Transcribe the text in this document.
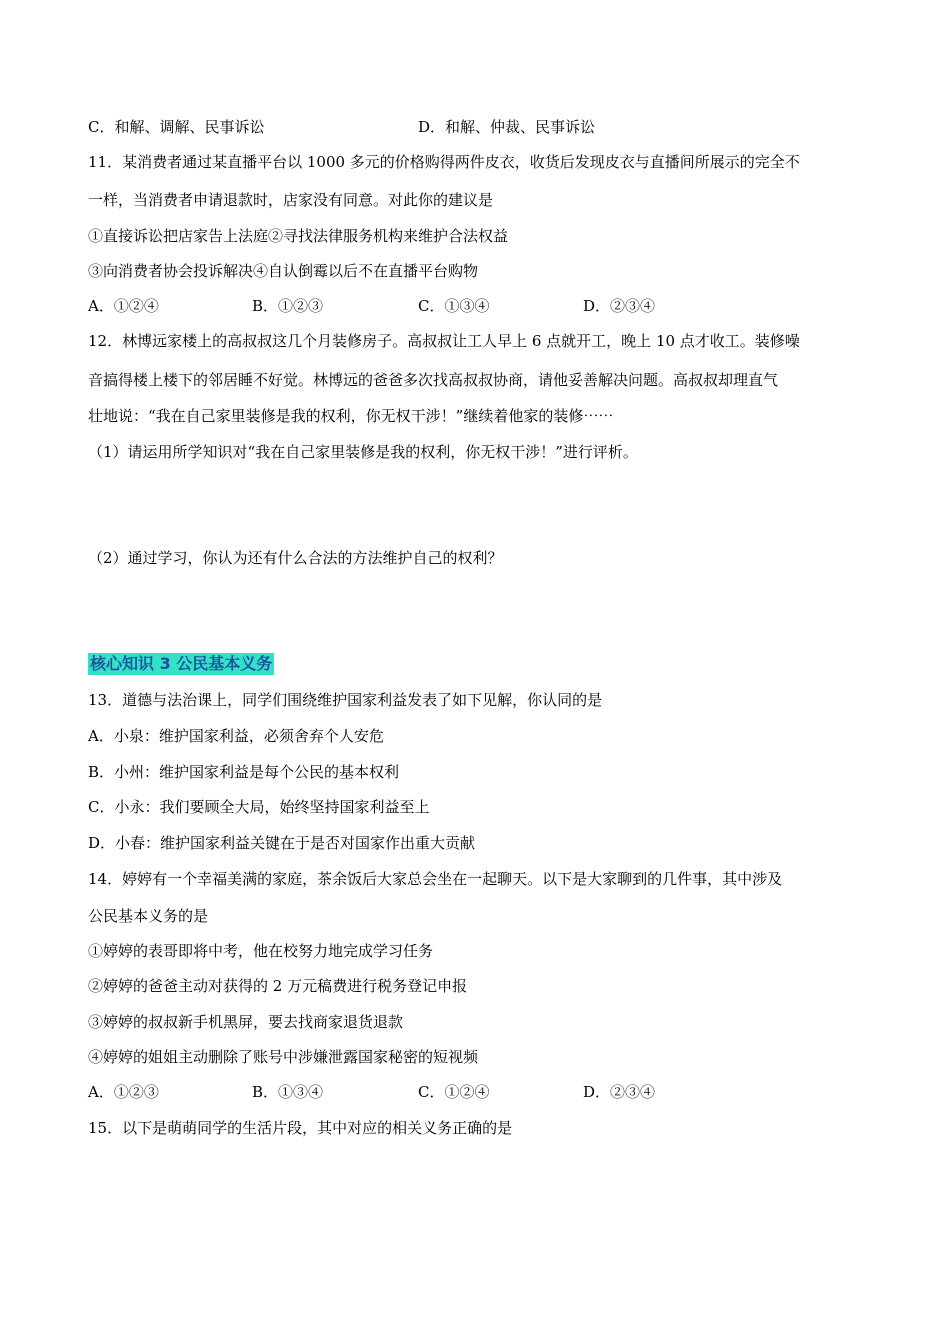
C．和解、调解、民事诉讼	D．和解、仲裁、民事诉讼
11．某消费者通过某直播平台以 1000 多元的价格购得两件皮衣，收货后发现皮衣与直播间所展示的完全不
一样，当消费者申请退款时，店家没有同意。对此你的建议是
①直接诉讼把店家告上法庭②寻找法律服务机构来维护合法权益
③向消费者协会投诉解决④自认倒霉以后不在直播平台购物
A．①②④	B．①②③	C．①③④	D．②③④
12．林博远家楼上的高叔叔这几个月装修房子。高叔叔让工人早上 6 点就开工，晚上 10 点才收工。装修噪
音搞得楼上楼下的邻居睡不好觉。林博远的爸爸多次找高叔叔协商，请他妥善解决问题。高叔叔却理直气
壮地说：“我在自己家里装修是我的权利，你无权干涉！”继续着他家的装修⋯⋯
（1）请运用所学知识对“我在自己家里装修是我的权利，你无权干涉！”进行评析。
（2）通过学习，你认为还有什么合法的方法维护自己的权利？
核心知识 3 公民基本义务
13．道德与法治课上，同学们围绕维护国家利益发表了如下见解，你认同的是
A．小泉：维护国家利益，必须舍弃个人安危
B．小州：维护国家利益是每个公民的基本权利
C．小永：我们要顾全大局，始终坚持国家利益至上
D．小春：维护国家利益关键在于是否对国家作出重大贡献
14．婷婷有一个幸福美满的家庭，茶余饭后大家总会坐在一起聊天。以下是大家聊到的几件事，其中涉及
公民基本义务的是
①婷婷的表哥即将中考，他在校努力地完成学习任务
②婷婷的爸爸主动对获得的 2 万元稿费进行税务登记申报
③婷婷的叔叔新手机黑屏，要去找商家退货退款
④婷婷的姐姐主动删除了账号中涉嫌泄露国家秘密的短视频
A．①②③	B．①③④	C．①②④	D．②③④
15．以下是萌萌同学的生活片段，其中对应的相关义务正确的是
